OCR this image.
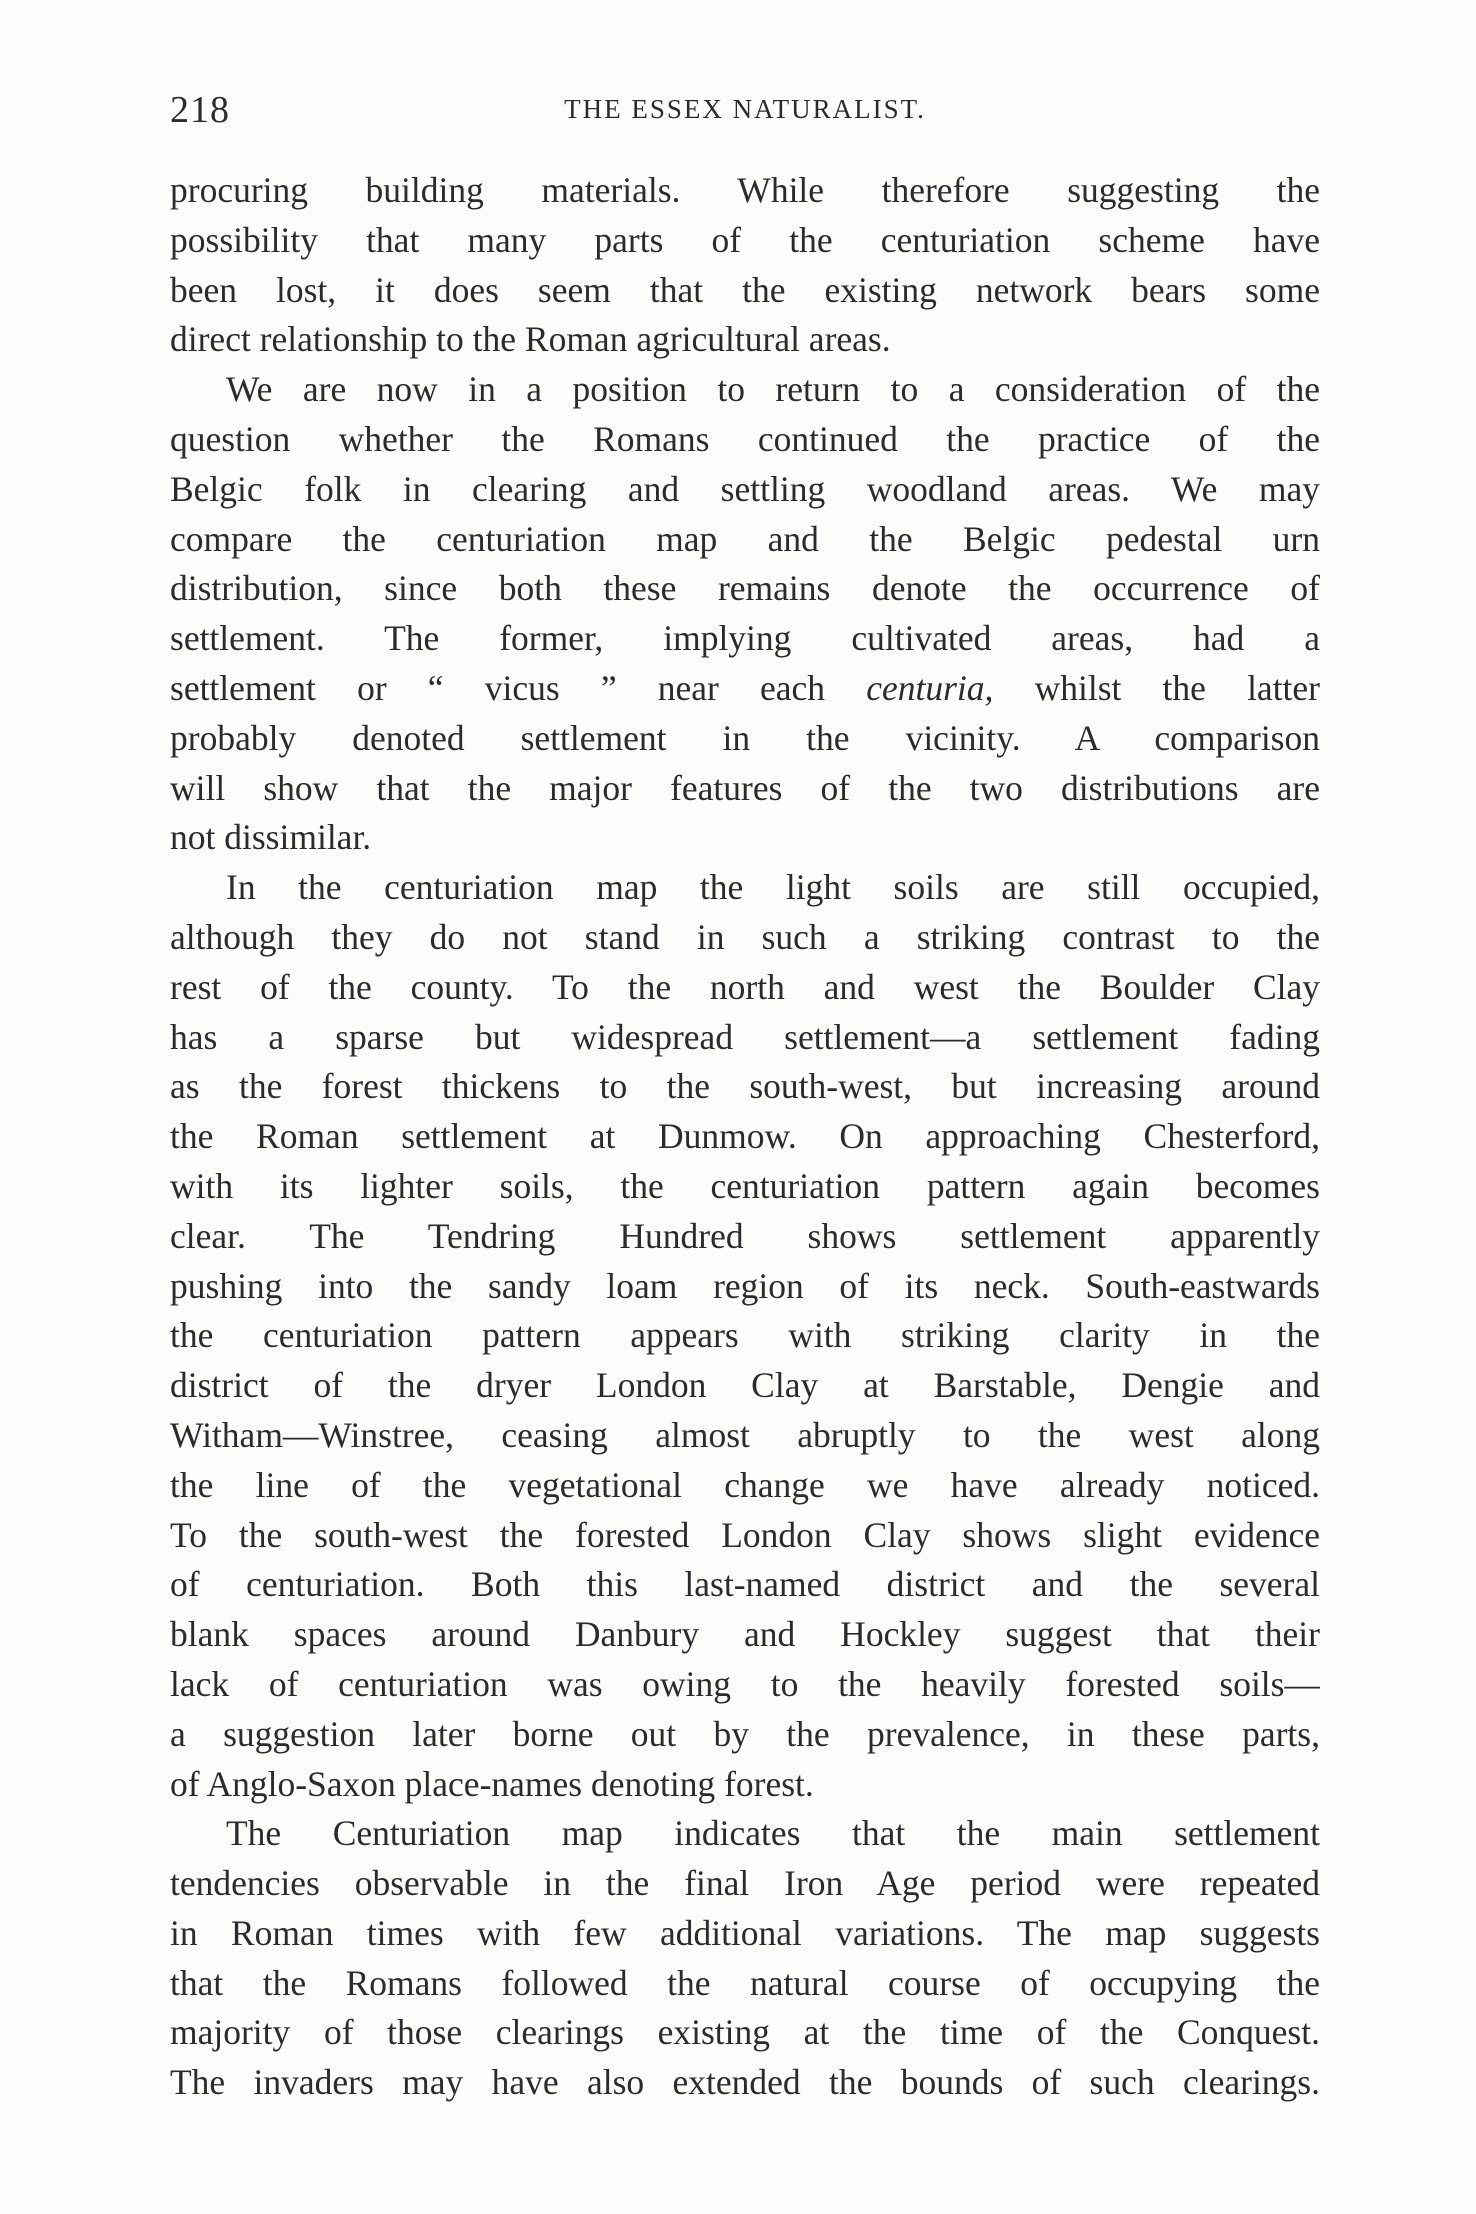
218	THE ESSEX NATURALIST.
procuring building materials. While therefore suggesting the
possibility that many parts of the centuriation scheme have
been lost, it does seem that the existing network bears some
direct relationship to the Roman agricultural areas.
We are now in a position to return to a consideration of the
question whether the Romans continued the practice of the
Belgic folk in clearing and settling woodland areas. We may
compare the centuriation map and the Belgic pedestal urn
distribution, since both these remains denote the occurrence of
settlement. The former, implying cultivated areas, had a
settlement or “ vicus ” near each centuria, whilst the latter
probably denoted settlement in the vicinity. A comparison
will show that the major features of the two distributions are
not dissimilar.
In the centuriation map the light soils are still occupied,
although they do not stand in such a striking contrast to the
rest of the county. To the north and west the Boulder Clay
has a sparse but widespread settlement—a settlement fading
as the forest thickens to the south-west, but increasing around
the Roman settlement at Dunmow. On approaching Chesterford,
with its lighter soils, the centuriation pattern again becomes
clear. The Tendring Hundred shows settlement apparently
pushing into the sandy loam region of its neck. South-eastwards
the centuriation pattern appears with striking clarity in the
district of the dryer London Clay at Barstable, Dengie and
Witham—Winstree, ceasing almost abruptly to the west along
the line of the vegetational change we have already noticed.
To the south-west the forested London Clay shows slight evidence
of centuriation. Both this last-named district and the several
blank spaces around Danbury and Hockley suggest that their
lack of centuriation was owing to the heavily forested soils—
a suggestion later borne out by the prevalence, in these parts,
of Anglo-Saxon place-names denoting forest.
The Centuriation map indicates that the main settlement
tendencies observable in the final Iron Age period were repeated
in Roman times with few additional variations. The map suggests
that the Romans followed the natural course of occupying the
majority of those clearings existing at the time of the Conquest.
The invaders may have also extended the bounds of such clearings.
